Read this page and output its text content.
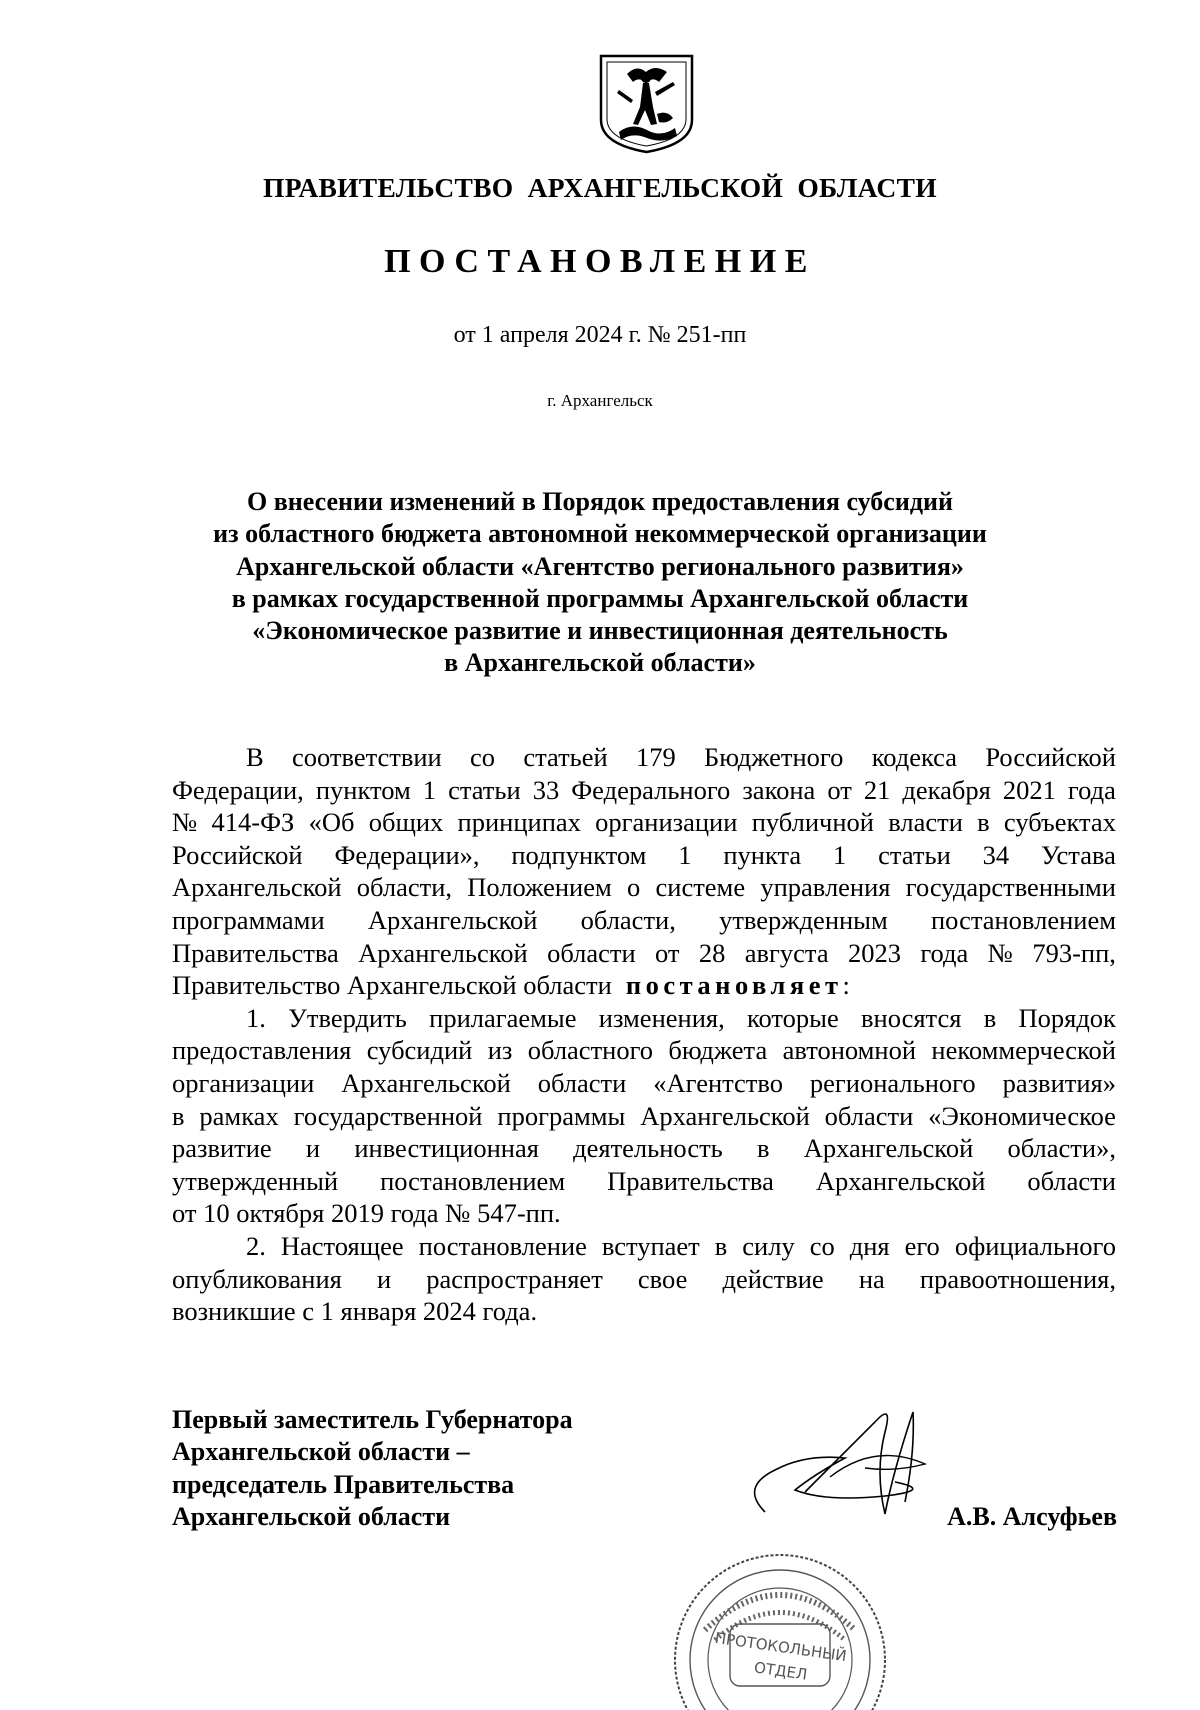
ПРАВИТЕЛЬСТВО АРХАНГЕЛЬСКОЙ ОБЛАСТИ
ПОСТАНОВЛЕНИЕ
от 1 апреля 2024 г. № 251-пп
г. Архангельск
О внесении изменений в Порядок предоставления субсидий
из областного бюджета автономной некоммерческой организации
Архангельской области «Агентство регионального развития»
в рамках государственной программы Архангельской области
«Экономическое развитие и инвестиционная деятельность
в Архангельской области»
В соответствии со статьей 179 Бюджетного кодекса Российской
Федерации, пунктом 1 статьи 33 Федерального закона от 21 декабря 2021 года
№ 414-ФЗ «Об общих принципах организации публичной власти в субъектах
Российской Федерации», подпунктом 1 пункта 1 статьи 34 Устава
Архангельской области, Положением о системе управления государственными
программами Архангельской области, утвержденным постановлением
Правительства Архангельской области от 28 августа 2023 года № 793-пп,
Правительство Архангельской области постановляет:
1. Утвердить прилагаемые изменения, которые вносятся в Порядок
предоставления субсидий из областного бюджета автономной некоммерческой
организации Архангельской области «Агентство регионального развития»
в рамках государственной программы Архангельской области «Экономическое
развитие и инвестиционная деятельность в Архангельской области»,
утвержденный постановлением Правительства Архангельской области
от 10 октября 2019 года № 547-пп.
2. Настоящее постановление вступает в силу со дня его официального
опубликования и распространяет свое действие на правоотношения,
возникшие с 1 января 2024 года.
Первый заместитель Губернатора
Архангельской области –
председатель Правительства
Архангельской области	А.В. Алсуфьев
ПРОТОКОЛЬНЫЙ
ОТДЕЛ
